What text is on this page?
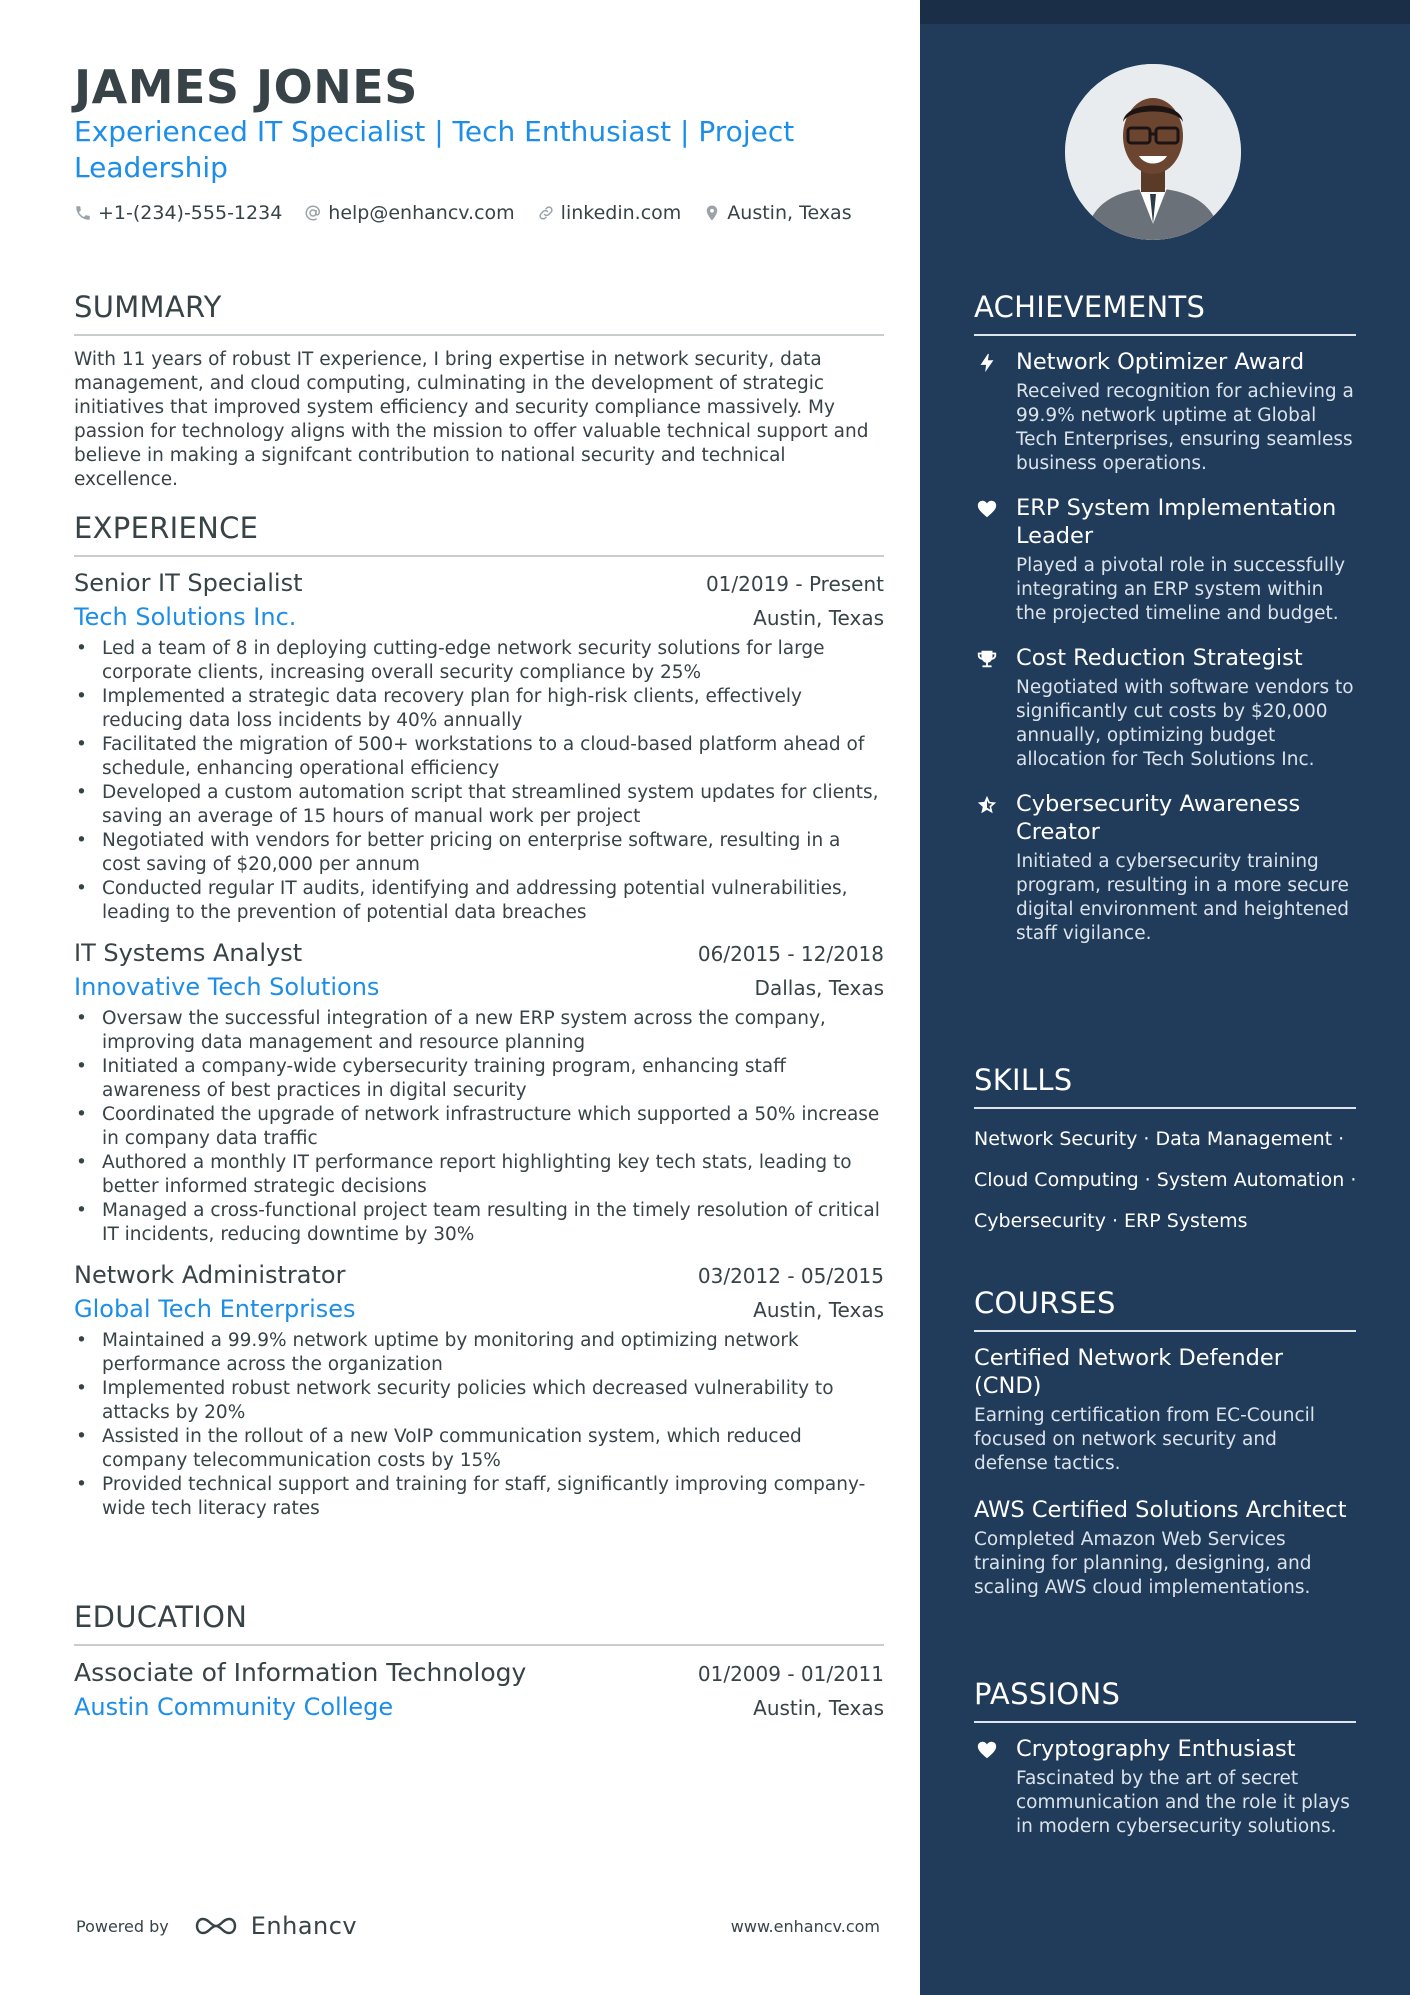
JAMES JONES
Experienced IT Specialist | Tech Enthusiast | Project Leadership
+1-(234)-555-1234 help@enhancv.com linkedin.com Austin, Texas
SUMMARY
With 11 years of robust IT experience, I bring expertise in network security, data management, and cloud computing, culminating in the development of strategic initiatives that improved system efficiency and security compliance massively. My passion for technology aligns with the mission to offer valuable technical support and believe in making a signifcant contribution to national security and technical excellence.
EXPERIENCE
Senior IT Specialist	01/2019 - Present
Tech Solutions Inc.	Austin, Texas
• Led a team of 8 in deploying cutting-edge network security solutions for large corporate clients, increasing overall security compliance by 25%
• Implemented a strategic data recovery plan for high-risk clients, effectively reducing data loss incidents by 40% annually
• Facilitated the migration of 500+ workstations to a cloud-based platform ahead of schedule, enhancing operational efficiency
• Developed a custom automation script that streamlined system updates for clients, saving an average of 15 hours of manual work per project
• Negotiated with vendors for better pricing on enterprise software, resulting in a cost saving of $20,000 per annum
• Conducted regular IT audits, identifying and addressing potential vulnerabilities, leading to the prevention of potential data breaches
IT Systems Analyst	06/2015 - 12/2018
Innovative Tech Solutions	Dallas, Texas
• Oversaw the successful integration of a new ERP system across the company, improving data management and resource planning
• Initiated a company-wide cybersecurity training program, enhancing staff awareness of best practices in digital security
• Coordinated the upgrade of network infrastructure which supported a 50% increase in company data traffic
• Authored a monthly IT performance report highlighting key tech stats, leading to better informed strategic decisions
• Managed a cross-functional project team resulting in the timely resolution of critical IT incidents, reducing downtime by 30%
Network Administrator	03/2012 - 05/2015
Global Tech Enterprises	Austin, Texas
• Maintained a 99.9% network uptime by monitoring and optimizing network performance across the organization
• Implemented robust network security policies which decreased vulnerability to attacks by 20%
• Assisted in the rollout of a new VoIP communication system, which reduced company telecommunication costs by 15%
• Provided technical support and training for staff, significantly improving company-wide tech literacy rates
EDUCATION
Associate of Information Technology	01/2009 - 01/2011
Austin Community College	Austin, Texas
Powered by	Enhancv	www.enhancv.com
ACHIEVEMENTS
Network Optimizer Award
Received recognition for achieving a 99.9% network uptime at Global Tech Enterprises, ensuring seamless business operations.
ERP System Implementation Leader
Played a pivotal role in successfully integrating an ERP system within the projected timeline and budget.
Cost Reduction Strategist
Negotiated with software vendors to significantly cut costs by $20,000 annually, optimizing budget allocation for Tech Solutions Inc.
Cybersecurity Awareness Creator
Initiated a cybersecurity training program, resulting in a more secure digital environment and heightened staff vigilance.
SKILLS
Network Security · Data Management ·
Cloud Computing · System Automation ·
Cybersecurity · ERP Systems
COURSES
Certified Network Defender (CND)
Earning certification from EC-Council focused on network security and defense tactics.
AWS Certified Solutions Architect
Completed Amazon Web Services training for planning, designing, and scaling AWS cloud implementations.
PASSIONS
Cryptography Enthusiast
Fascinated by the art of secret communication and the role it plays in modern cybersecurity solutions.
